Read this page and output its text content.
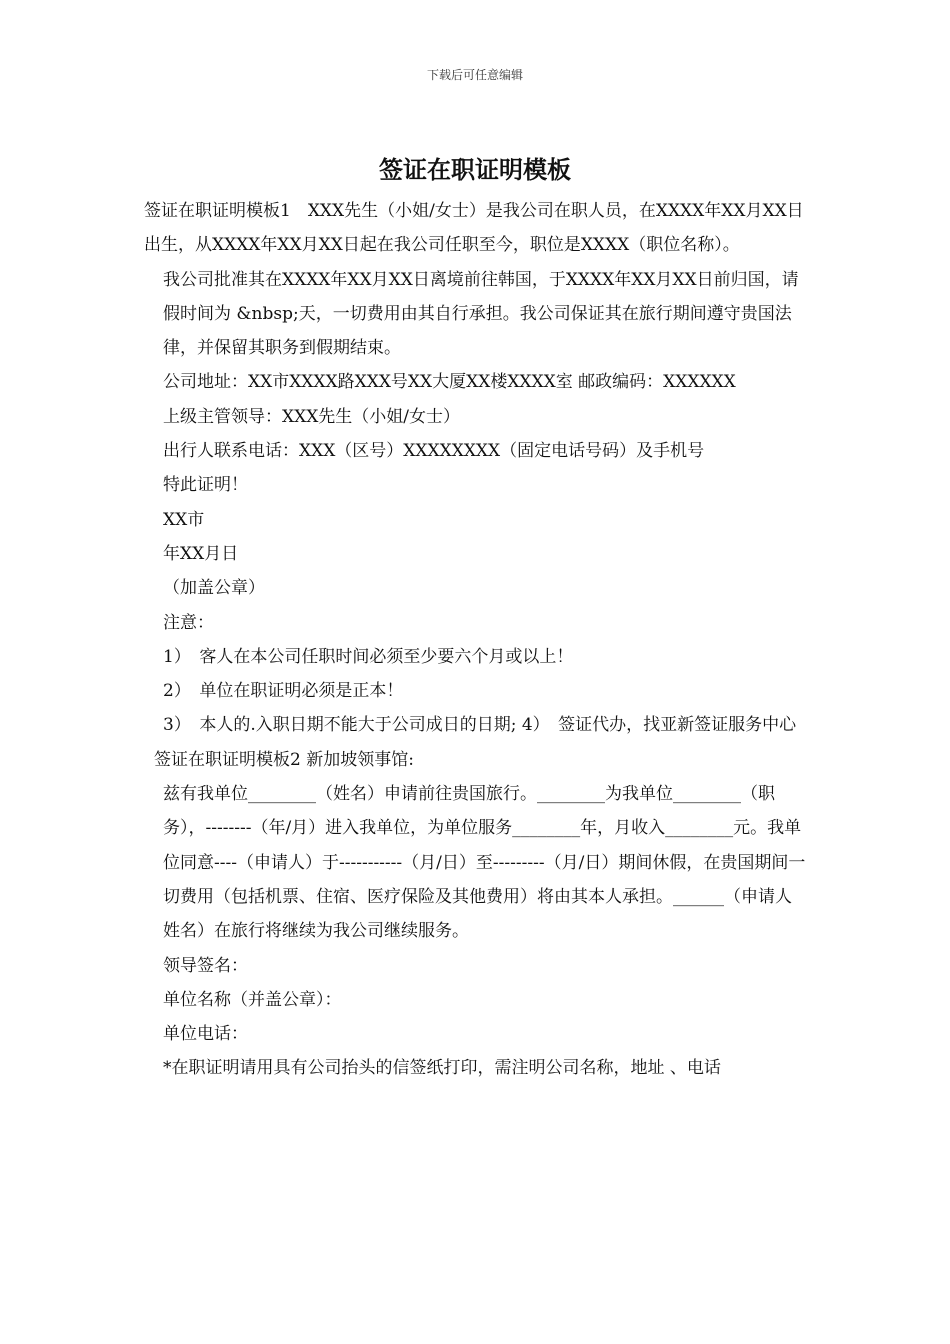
下载后可任意编辑
签证在职证明模板

签证在职证明模板1　XXX先生（小姐/女士）是我公司在职人员，在XXXX年XX月XX日出生，从XXXX年XX月XX日起在我公司任职至今，职位是XXXX（职位名称）。

我公司批准其在XXXX年XX月XX日离境前往韩国，于XXXX年XX月XX日前归国，请假时间为 &nbsp;天，一切费用由其自行承担。我公司保证其在旅行期间遵守贵国法律，并保留其职务到假期结束。

公司地址：XX市XXXX路XXX号XX大厦XX楼XXXX室 邮政编码：XXXXXX

上级主管领导：XXX先生（小姐/女士）

出行人联系电话：XXX（区号）XXXXXXXX（固定电话号码）及手机号

特此证明！

XX市

年XX月日

（加盖公章）

注意：

1）　客人在本公司任职时间必须至少要六个月或以上！

2）　单位在职证明必须是正本！

3）　本人的.入职日期不能大于公司成日的日期; 4）　签证代办，找亚新签证服务中心

签证在职证明模板2 新加坡领事馆:

兹有我单位________（姓名）申请前往贵国旅行。________为我单位________（职务），--------（年/月）进入我单位，为单位服务________年，月收入________元。我单位同意----（申请人）于-----------（月/日）至---------（月/日）期间休假，在贵国期间一切费用（包括机票、住宿、医疗保险及其他费用）将由其本人承担。______（申请人姓名）在旅行将继续为我公司继续服务。

领导签名：

单位名称（并盖公章）：

单位电话：

*在职证明请用具有公司抬头的信签纸打印，需注明公司名称，地址 、电话
